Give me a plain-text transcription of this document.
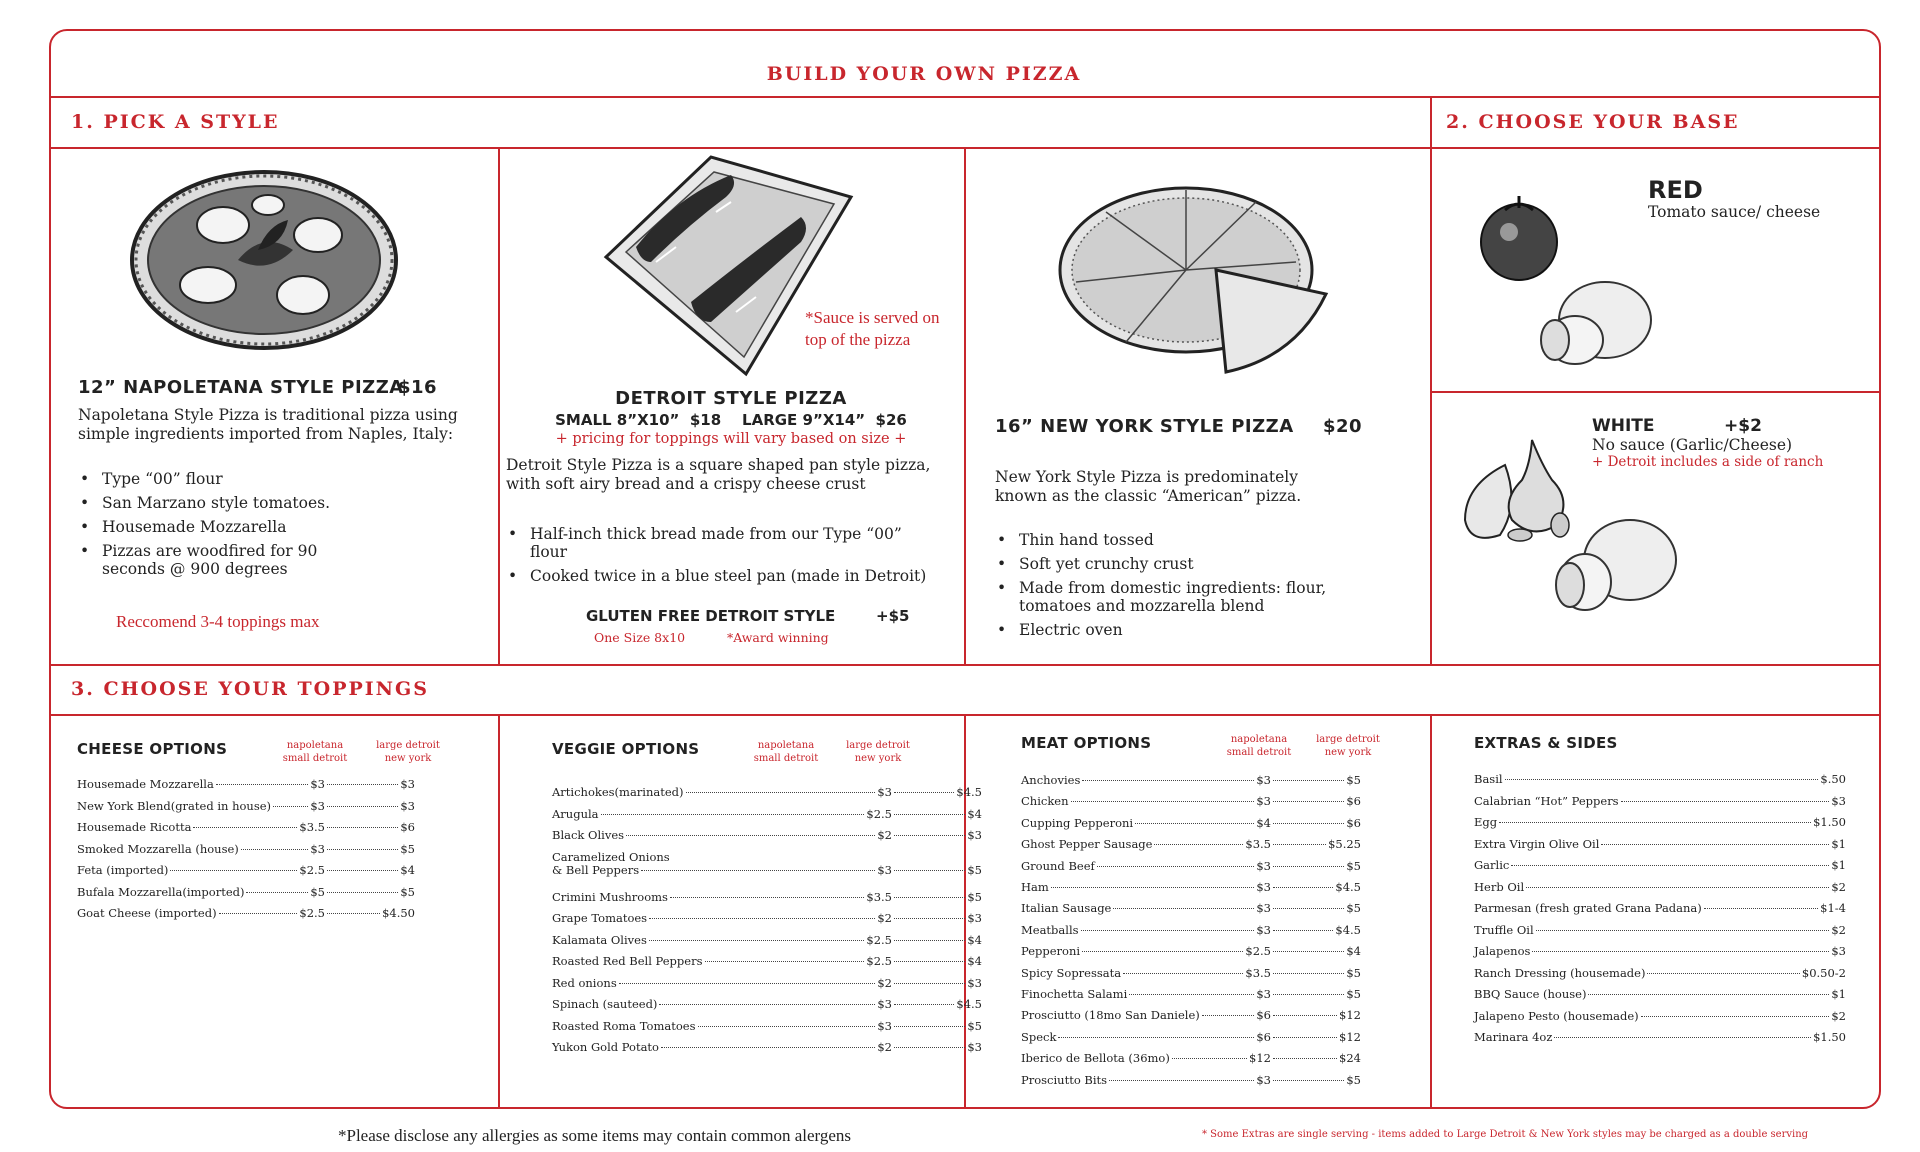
BUILD YOUR OWN PIZZA
1. PICK A STYLE	2. CHOOSE YOUR BASE
3. CHOOSE YOUR TOPPINGS
12” NAPOLETANA STYLE PIZZA
$16
Napoletana Style Pizza is traditional pizza using simple ingredients imported from Naples, Italy:
• Type “00” flour
• San Marzano style tomatoes.
• Housemade Mozzarella
• Pizzas are woodfired for 90 seconds @ 900 degrees
Reccomend 3-4 toppings max
*Sauce is served on top of the pizza
DETROIT STYLE PIZZA
SMALL 8”X10”  $18    LARGE 9”X14”  $26
+ pricing for toppings will vary based on size +
Detroit Style Pizza is a square shaped pan style pizza, with soft airy bread and a crispy cheese crust
• Half-inch thick bread made from our Type “00” flour
• Cooked twice in a blue steel pan (made in Detroit)
GLUTEN FREE DETROIT STYLE	+$5
One Size 8x10	*Award winning
16” NEW YORK STYLE PIZZA $20
New York Style Pizza is predominately known as the classic “American” pizza.
• Thin hand tossed
• Soft yet crunchy crust
• Made from domestic ingredients: flour, tomatoes and mozzarella blend
• Electric oven
RED
Tomato sauce/ cheese
WHITE	+$2
No sauce (Garlic/Cheese)
+ Detroit includes a side of ranch
CHEESE OPTIONS	napoletana
small detroit
large detroit
new york
Housemade Mozzarella	$3	$3
New York Blend(grated in house)	$3	$3
Housemade Ricotta	$3.5	$6
Smoked Mozzarella (house)	$3	$5
Feta (imported)	$2.5	$4
Bufala Mozzarella(imported)	$5	$5
Goat Cheese (imported)	$2.5	$4.50
VEGGIE OPTIONS	napoletana
small detroit
large detroit
new york
Artichokes(marinated)	$3	$4.5
Arugula	$2.5	$4
Black Olives	$2	$3
Caramelized Onions
& Bell Peppers	$3	$5
Crimini Mushrooms	$3.5	$5
Grape Tomatoes	$2	$3
Kalamata Olives	$2.5	$4
Roasted Red Bell Peppers	$2.5	$4
Red onions	$2	$3
Spinach (sauteed)	$3	$4.5
Roasted Roma Tomatoes	$3	$5
Yukon Gold Potato	$2	$3
MEAT OPTIONS	napoletana
small detroit
large detroit
new york
Anchovies	$3	$5
Chicken	$3	$6
Cupping Pepperoni	$4	$6
Ghost Pepper Sausage	$3.5	$5.25
Ground Beef	$3	$5
Ham	$3	$4.5
Italian Sausage	$3	$5
Meatballs	$3	$4.5
Pepperoni	$2.5	$4
Spicy Sopressata	$3.5	$5
Finochetta Salami	$3	$5
Prosciutto (18mo San Daniele)	$6	$12
Speck	$6	$12
Iberico de Bellota (36mo)	$12	$24
Prosciutto Bits	$3	$5
EXTRAS & SIDES
Basil	$.50
Calabrian “Hot” Peppers	$3
Egg	$1.50
Extra Virgin Olive Oil	$1
Garlic	$1
Herb Oil	$2
Parmesan (fresh grated Grana Padana)	$1-4
Truffle Oil	$2
Jalapenos	$3
Ranch Dressing (housemade)	$0.50-2
BBQ Sauce (house)	$1
Jalapeno Pesto (housemade)	$2
Marinara 4oz	$1.50
*Please disclose any allergies as some items may contain common alergens	* Some Extras are single serving - items added to Large Detroit & New York styles may be charged as a double serving
